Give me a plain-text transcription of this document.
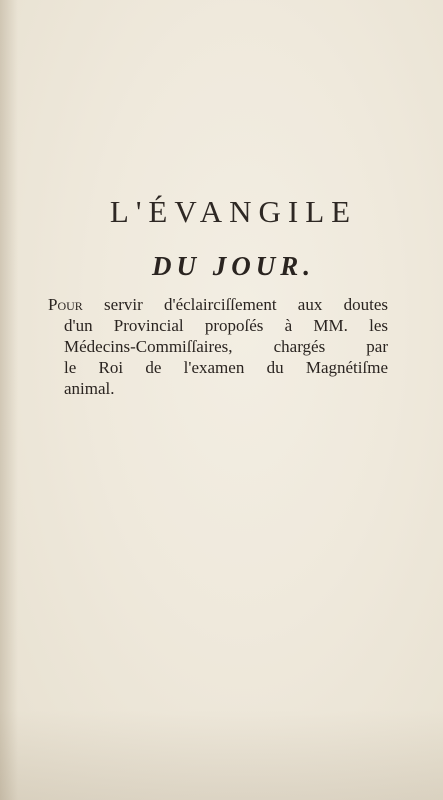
L'ÉVANGILE
DU JOUR.
Pour servir d'éclairciſſement aux doutes
d'un Provincial propoſés à MM. les
Médecins-Commiſſaires, chargés par
le Roi de l'examen du Magnétiſme
animal.
